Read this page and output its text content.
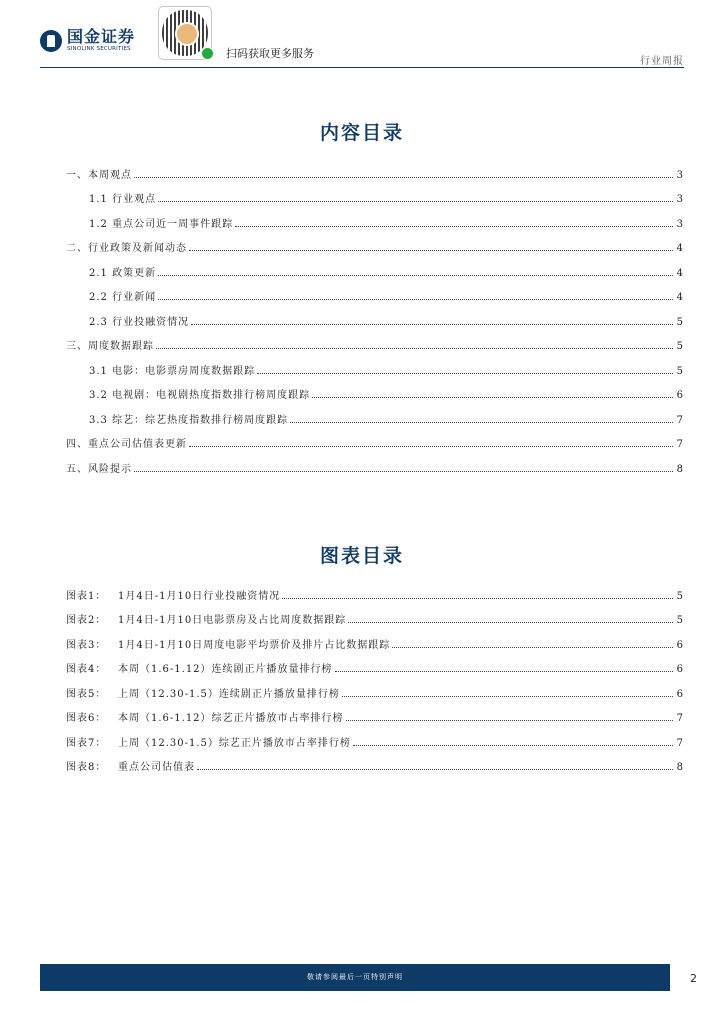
国金证券
SINOLINK SECURITIES	扫码获取更多服务
行业周报
内容目录
一、本周观点	3
1.1 行业观点	3
1.2 重点公司近一周事件跟踪	3
二、行业政策及新闻动态	4
2.1 政策更新	4
2.2 行业新闻	4
2.3 行业投融资情况	5
三、周度数据跟踪	5
3.1 电影：电影票房周度数据跟踪	5
3.2 电视剧：电视剧热度指数排行榜周度跟踪	6
3.3 综艺：综艺热度指数排行榜周度跟踪	7
四、重点公司估值表更新	7
五、风险提示	8
图表目录
图表1：	1月4日-1月10日行业投融资情况	5
图表2：	1月4日-1月10日电影票房及占比周度数据跟踪	5
图表3：	1月4日-1月10日周度电影平均票价及排片占比数据跟踪	6
图表4：	本周（1.6-1.12）连续剧正片播放量排行榜	6
图表5：	上周（12.30-1.5）连续剧正片播放量排行榜	6
图表6：	本周（1.6-1.12）综艺正片播放市占率排行榜	7
图表7：	上周（12.30-1.5）综艺正片播放市占率排行榜	7
图表8：	重点公司估值表	8
敬请参阅最后一页特别声明	2
